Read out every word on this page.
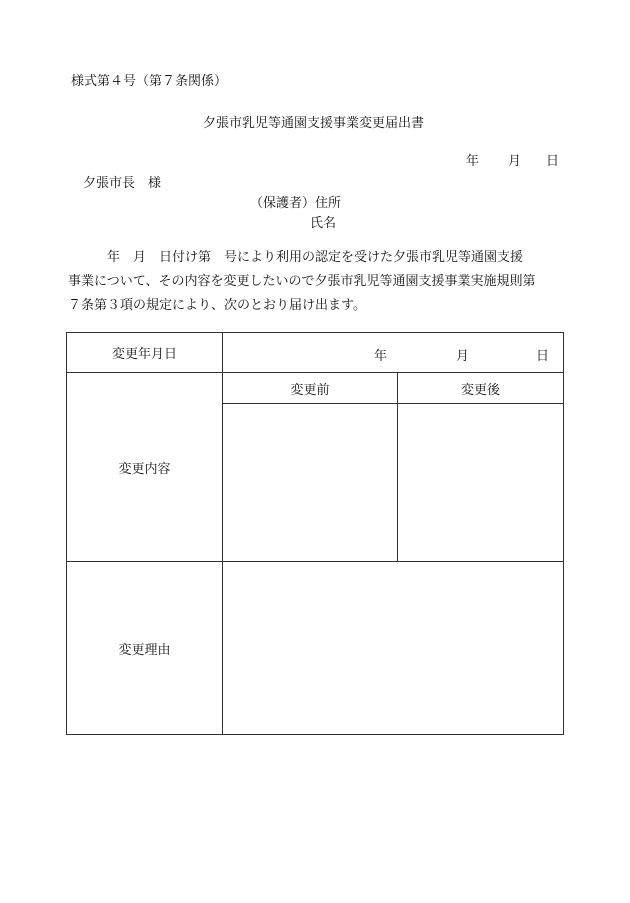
様式第４号（第７条関係）
夕張市乳児等通園支援事業変更届出書
年 月 日
夕張市長　様
（保護者）住所
氏名
　　　年　月　日付け第　号により利用の認定を受けた夕張市乳児等通園支援
事業について、その内容を変更したいので夕張市乳児等通園支援事業実施規則第
７条第３項の規定により、次のとおり届け出ます。
変更年月日	年 月 日	

変更内容	変更前	変更後

変更理由		
